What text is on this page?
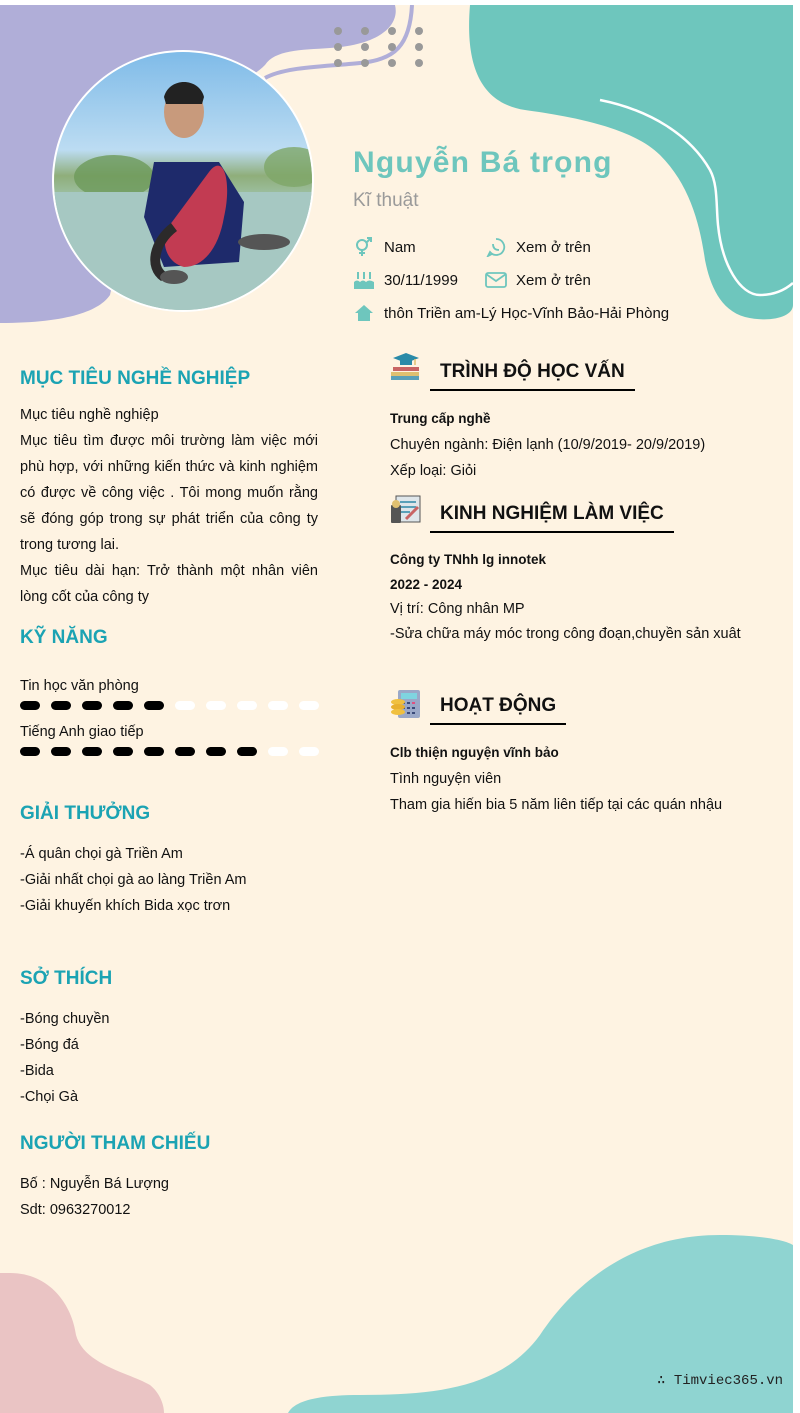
Nguyễn Bá trọng
Kĩ thuật
Nam	Xem ở trên
30/11/1999	Xem ở trên
thôn Triền am-Lý Học-Vĩnh Bảo-Hải Phòng
MỤC TIÊU NGHỀ NGHIỆP
Mục tiêu nghề nghiệp
Mục tiêu tìm được môi trường làm việc mới phù hợp, với những kiến thức và kinh nghiệm có được về công việc . Tôi mong muốn rằng sẽ đóng góp trong sự phát triển của công ty trong tương lai.
Mục tiêu dài hạn: Trở thành một nhân viên lòng cốt của công ty
KỸ NĂNG
Tin học văn phòng
Tiếng Anh giao tiếp
GIẢI THƯỞNG
-Á quân chọi gà Triền Am
-Giải nhất chọi gà ao làng Triền Am
-Giải khuyến khích Bida xọc trơn
SỞ THÍCH
-Bóng chuyền
-Bóng đá
-Bida
-Chọi Gà
NGƯỜI THAM CHIẾU
Bố : Nguyễn Bá Lượng
Sdt: 0963270012
TRÌNH ĐỘ HỌC VẤN
Trung cấp nghề
Chuyên ngành: Điện lạnh (10/9/2019- 20/9/2019)
Xếp loại: Giỏi
KINH NGHIỆM LÀM VIỆC
Công ty TNhh lg innotek
2022 - 2024
Vị trí: Công nhân MP
-Sửa chữa máy móc trong công đoạn,chuyền sản xuât
HOẠT ĐỘNG
Clb thiện nguyện vĩnh bảo
Tình nguyện viên
Tham gia hiến bia 5 năm liên tiếp tại các quán nhậu
∴ Timviec365.vn
